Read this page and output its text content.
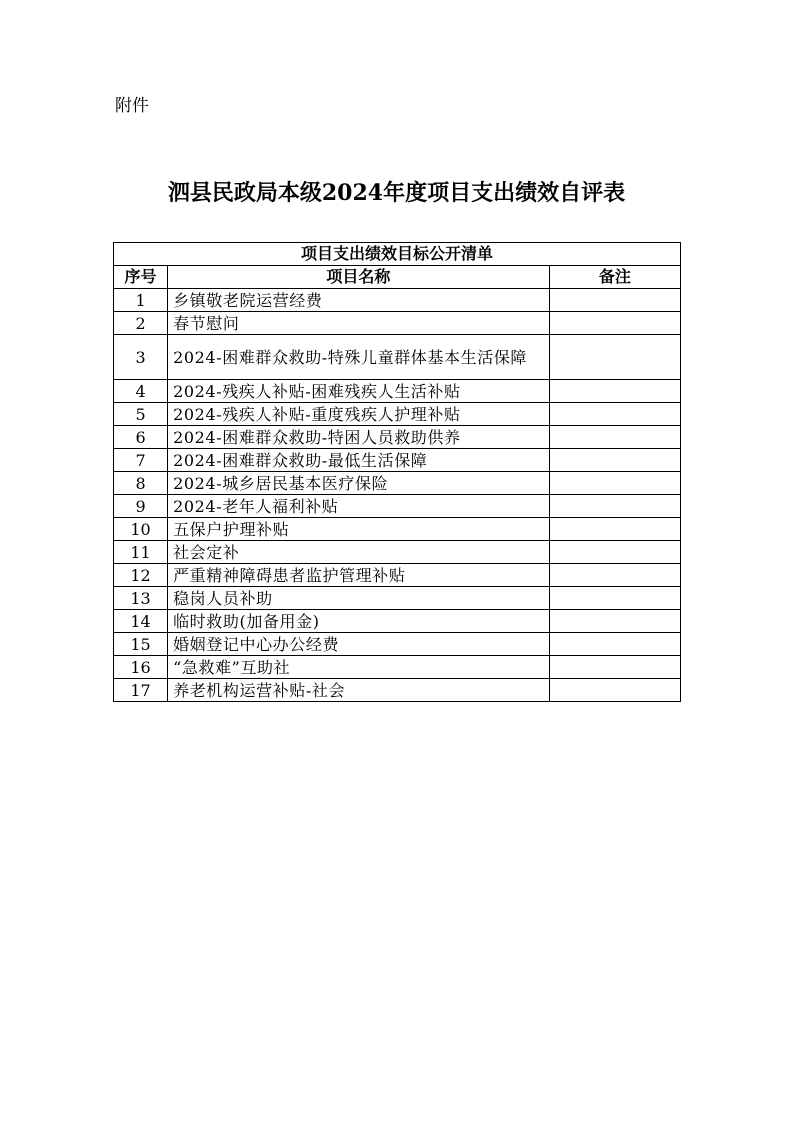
附件
泗县民政局本级2024年度项目支出绩效自评表
项目支出绩效目标公开清单		
序号	项目名称	备注
1	乡镇敬老院运营经费	
2	春节慰问	
3	2024-困难群众救助-特殊儿童群体基本生活保障	
4	2024-残疾人补贴-困难残疾人生活补贴	
5	2024-残疾人补贴-重度残疾人护理补贴	
6	2024-困难群众救助-特困人员救助供养	
7	2024-困难群众救助-最低生活保障	
8	2024-城乡居民基本医疗保险	
9	2024-老年人福利补贴	
10	五保户护理补贴	
11	社会定补	
12	严重精神障碍患者监护管理补贴	
13	稳岗人员补助	
14	临时救助(加备用金)	
15	婚姻登记中心办公经费	
16	“急救难”互助社	
17	养老机构运营补贴-社会	
